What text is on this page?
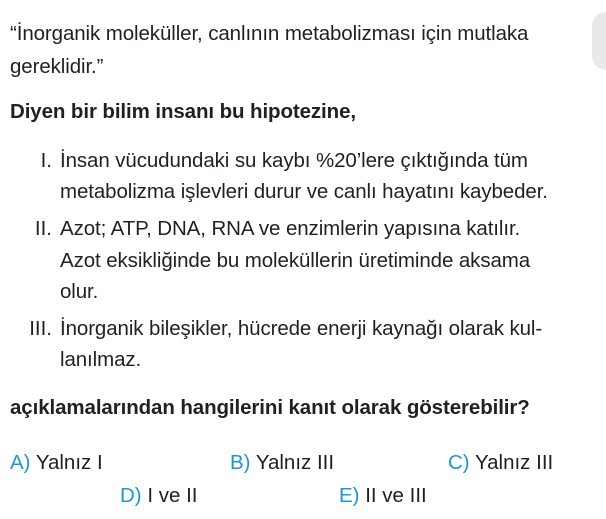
“İnorganik moleküller, canlının metabolizması için mutlaka
gereklidir.”
Diyen bir bilim insanı bu hipotezine,
I. İnsan vücudundaki su kaybı %20’lere çıktığında tüm
metabolizma işlevleri durur ve canlı hayatını kaybeder.
II. Azot; ATP, DNA, RNA ve enzimlerin yapısına katılır.
Azot eksikliğinde bu moleküllerin üretiminde aksama
olur.
III. İnorganik bileşikler, hücrede enerji kaynağı olarak kul-
lanılmaz.
açıklamalarından hangilerini kanıt olarak gösterebilir?
A) Yalnız I	B) Yalnız III	C) Yalnız III
D) I ve II	E) II ve III
